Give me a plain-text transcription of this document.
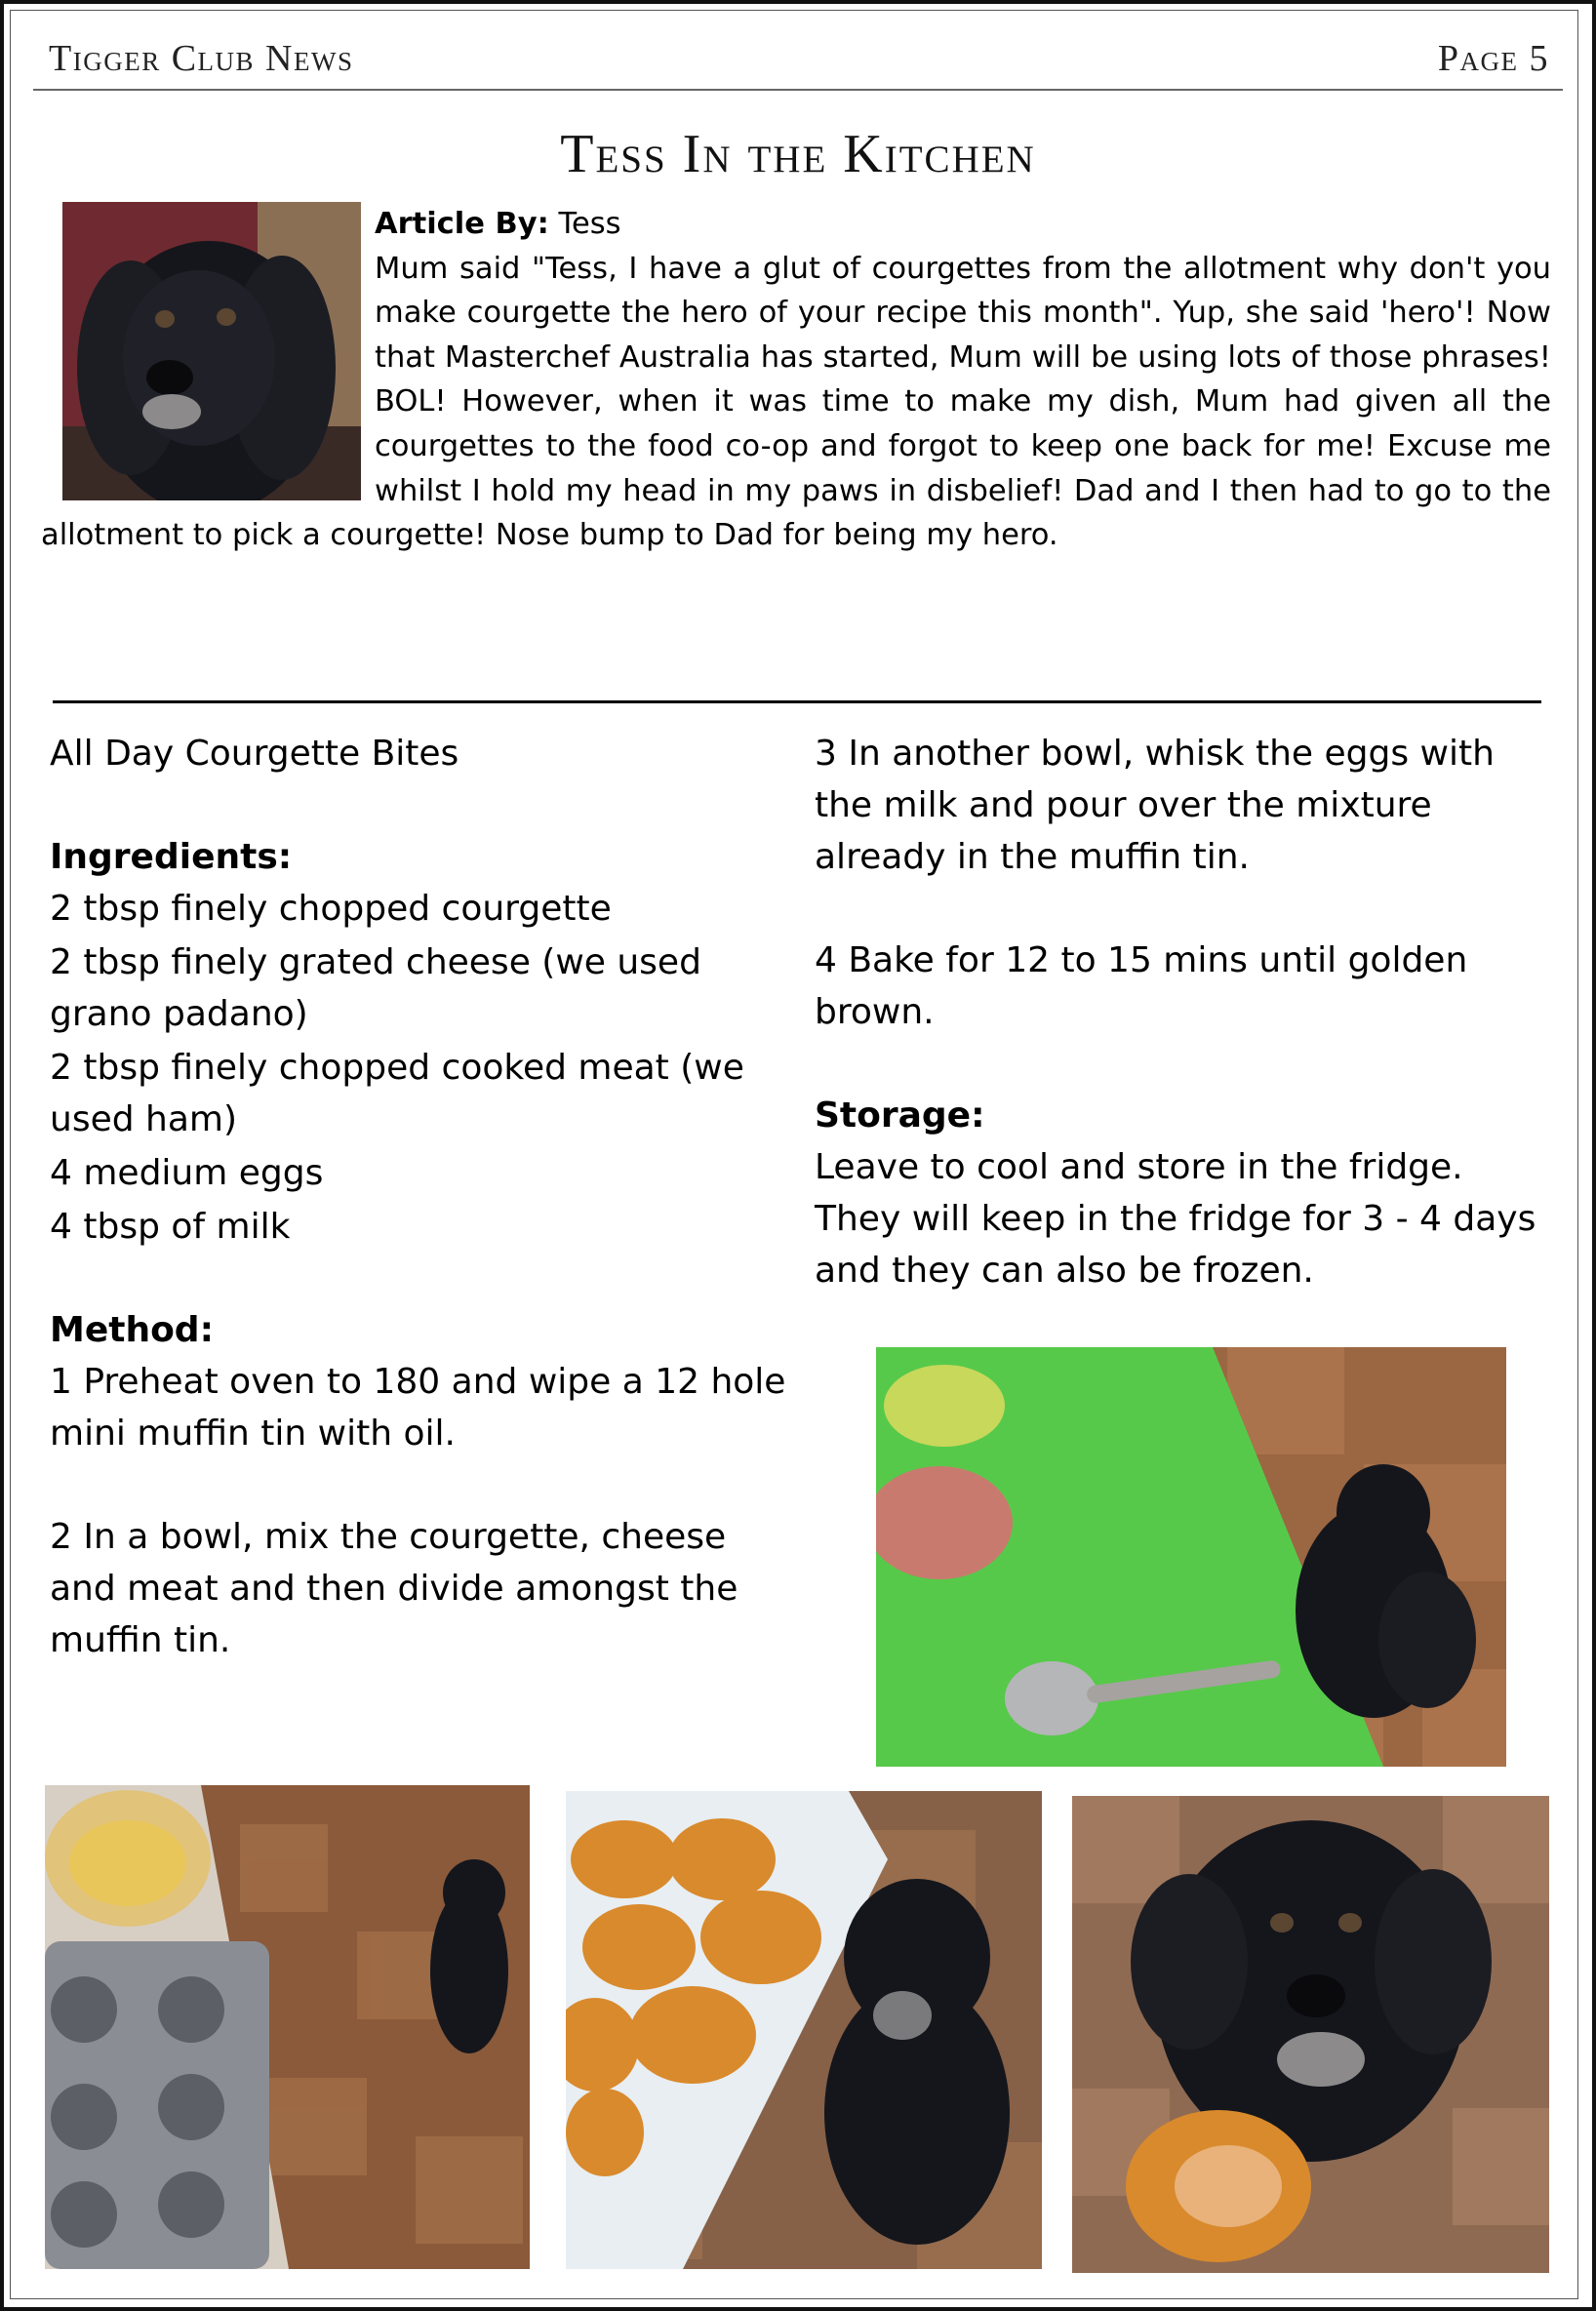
Tigger Club News	Page 5
Tess In the Kitchen
Article By: Tess
Mum said "Tess, I have a glut of courgettes from the allotment why don't you make courgette the hero of your recipe this month". Yup, she said 'hero'! Now that Masterchef Australia has started, Mum will be using lots of those phrases! BOL! However, when it was time to make my dish, Mum had given all the courgettes to the food co-op and forgot to keep one back for me! Excuse me whilst I hold my head in my paws in disbelief! Dad and I then had to go to the allotment to pick a courgette! Nose bump to Dad for being my hero.

All Day Courgette Bites

Ingredients:

2 tbsp finely chopped courgette

2 tbsp finely grated cheese (we used grano padano)

2 tbsp finely chopped cooked meat (we used ham)

4 medium eggs

4 tbsp of milk

Method:

1 Preheat oven to 180 and wipe a 12 hole mini muffin tin with oil.

2 In a bowl, mix the courgette, cheese and meat and then divide amongst the muffin tin.

3 In another bowl, whisk the eggs with the milk and pour over the mixture already in the muffin tin.

4 Bake for 12 to 15 mins until golden brown.

Storage:

Leave to cool and store in the fridge. They will keep in the fridge for 3 - 4 days and they can also be frozen.
